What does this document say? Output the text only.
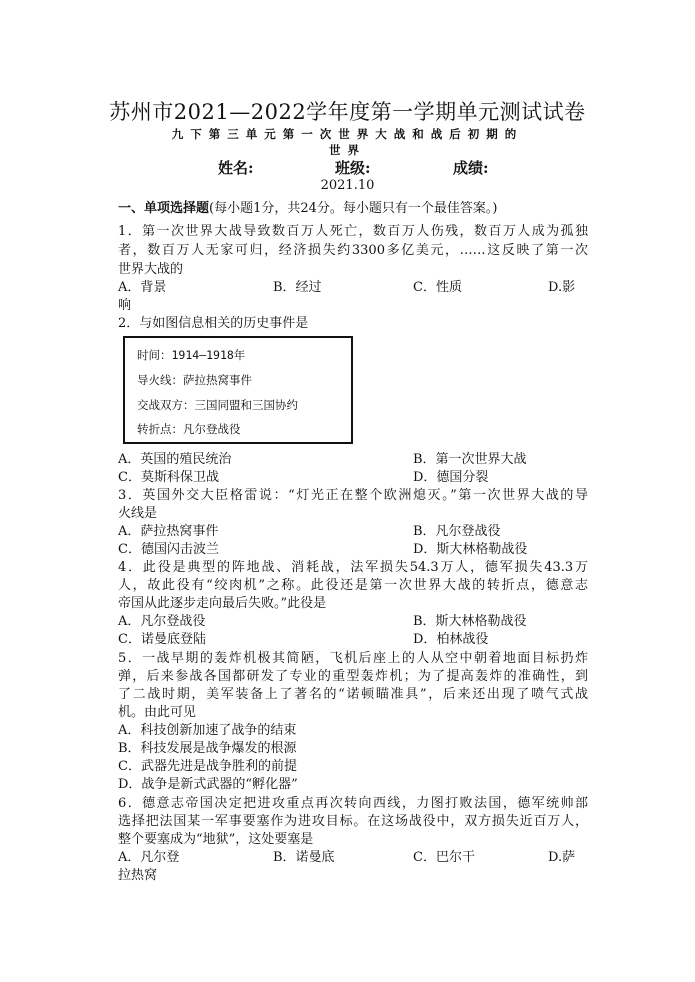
苏州市2021—2022学年度第一学期单元测试试卷
九下第三单元第一次世界大战和战后初期的
世界
姓名:	班级:	成绩:
2021.10
一、单项选择题(每小题1分，共24分。每小题只有一个最佳答案。)
1．第一次世界大战导致数百万人死亡，数百万人伤残，数百万人成为孤独
者，数百万人无家可归，经济损失约3300多亿美元，……这反映了第一次
世界大战的
A．背景	B．经过	C．性质	D.影
响
2．与如图信息相关的历史事件是
时间：1914—1918年
导火线：萨拉热窝事件
交战双方：三国同盟和三国协约
转折点：凡尔登战役
A．英国的殖民统治	B．第一次世界大战
C．莫斯科保卫战	D．德国分裂
3．英国外交大臣格雷说：“灯光正在整个欧洲熄灭。”第一次世界大战的导
火线是
A．萨拉热窝事件	B．凡尔登战役
C．德国闪击波兰	D．斯大林格勒战役
4．此役是典型的阵地战、消耗战，法军损失54.3万人，德军损失43.3万
人，故此役有“绞肉机”之称。此役还是第一次世界大战的转折点，德意志
帝国从此逐步走向最后失败。”此役是
A．凡尔登战役	B．斯大林格勒战役
C．诺曼底登陆	D．柏林战役
5．一战早期的轰炸机极其简陋，飞机后座上的人从空中朝着地面目标扔炸
弹，后来参战各国都研发了专业的重型轰炸机；为了提高轰炸的准确性，到
了二战时期，美军装备上了著名的“诺顿瞄准具”，后来还出现了喷气式战
机。由此可见
A．科技创新加速了战争的结束
B．科技发展是战争爆发的根源
C．武器先进是战争胜利的前提
D．战争是新式武器的“孵化器”
6．德意志帝国决定把进攻重点再次转向西线，力图打败法国，德军统帅部
选择把法国某一军事要塞作为进攻目标。在这场战役中，双方损失近百万人，
整个要塞成为“地狱”，这处要塞是
A．凡尔登	B．诺曼底	C．巴尔干	D.萨
拉热窝
